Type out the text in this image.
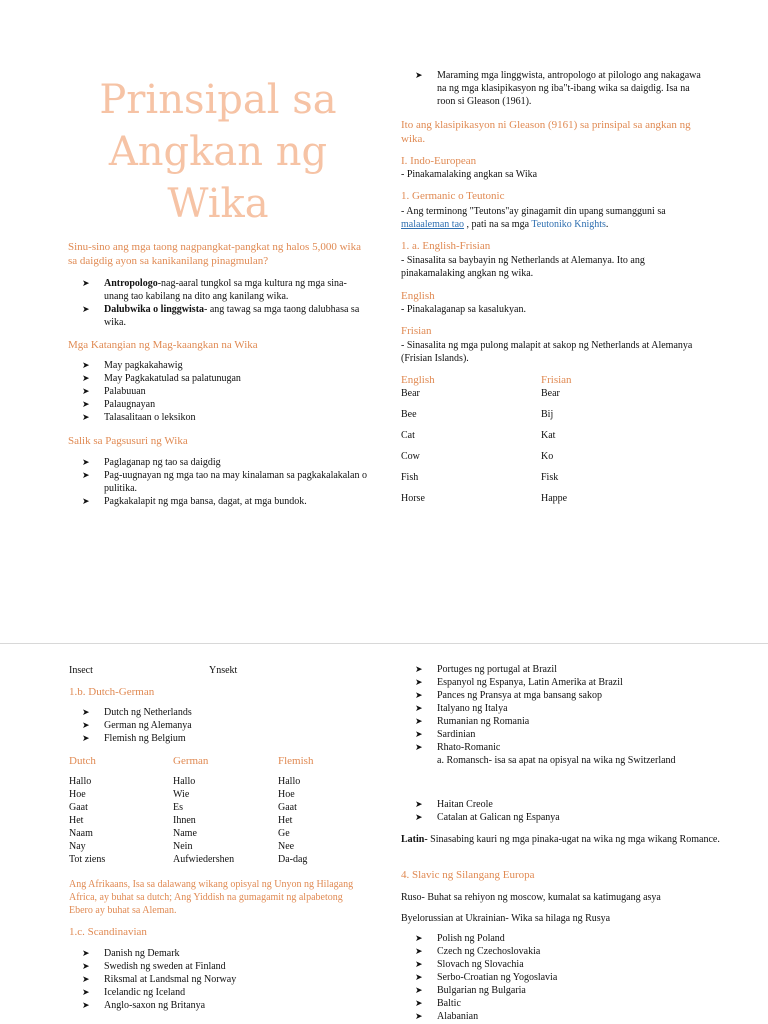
Prinsipal sa
Angkan ng
Wika
Sinu-sino ang mga taong nagpangkat-pangkat ng halos 5,000 wika sa daigdig ayon sa kanikanilang pinagmulan?
➤ Antropologo-nag-aaral tungkol sa mga kultura ng mga sina-unang tao kabilang na dito ang kanilang wika.
➤ Dalubwika o linggwista- ang tawag sa mga taong dalubhasa sa wika.
Mga Katangian ng Mag-kaangkan na Wika
➤ May pagkakahawig
➤ May Pagkakatulad sa palatunugan
➤ Palabuuan
➤ Palaugnayan
➤ Talasalitaan o leksikon
Salik sa Pagsusuri ng Wika
➤ Paglaganap ng tao sa daigdig
➤ Pag-uugnayan ng mga tao na may kinalaman sa pagkakalakalan o pulitika.
➤ Pagkakalapit ng mga bansa, dagat, at mga bundok.
➤ Maraming mga linggwista, antropologo at pilologo ang nakagawa na ng mga klasipikasyon ng iba"t-ibang wika sa daigdig. Isa na roon si Gleason (1961).
Ito ang klasipikasyon ni Gleason (9161) sa prinsipal sa angkan ng wika.
I. Indo-European
- Pinakamalaking angkan sa Wika
1. Germanic o Teutonic
- Ang terminong "Teutons"ay ginagamit din upang sumangguni sa
malaaleman tao , pati na sa mga Teutoniko Knights.
1. a. English-Frisian
- Sinasalita sa baybayin ng Netherlands at Alemanya. Ito ang pinakamalaking angkan ng wika.
English
- Pinakalaganap sa kasalukyan.
Frisian
- Sinasalita ng mga pulong malapit at sakop ng Netherlands at Alemanya (Frisian Islands).
English	Frisian
Bear	Bear
Bee	Bij
Cat	Kat
Cow	Ko
Fish	Fisk
Horse	Happe
Insect	Ynsekt
1.b. Dutch-German
➤ Dutch ng Netherlands
➤ German ng Alemanya
➤ Flemish ng Belgium
Dutch	German	Flemish
Hallo	Hallo	Hallo
Hoe	Wie	Hoe
Gaat	Es	Gaat
Het	Ihnen	Het
Naam	Name	Ge
Nay	Nein	Nee
Tot ziens	Aufwiedershen	Da-dag
Ang Afrikaans, Isa sa dalawang wikang opisyal ng Unyon ng Hilagang Africa, ay buhat sa dutch; Ang Yiddish na gumagamit ng alpabetong Ebero ay buhat sa Aleman.
1.c. Scandinavian
➤ Danish ng Demark
➤ Swedish ng sweden at Finland
➤ Riksmal at Landsmal ng Norway
➤ Icelandic ng Iceland
➤ Anglo-saxon ng Britanya
➤ Portuges ng portugal at Brazil
➤ Espanyol ng Espanya, Latin Amerika at Brazil
➤ Pances ng Pransya at mga bansang sakop
➤ Italyano ng Italya
➤ Rumanian ng Romania
➤ Sardinian
➤ Rhato-Romanic
a. Romansch- isa sa apat na opisyal na wika ng Switzerland
➤ Haitan Creole
➤ Catalan at Galican ng Espanya
Latin- Sinasabing kauri ng mga pinaka-ugat na wika ng mga wikang Romance.
4. Slavic ng Silangang Europa
Ruso- Buhat sa rehiyon ng moscow, kumalat sa katimugang asya
Byelorussian at Ukrainian- Wika sa hilaga ng Rusya
➤ Polish ng Poland
➤ Czech ng Czechoslovakia
➤ Slovach ng Slovachia
➤ Serbo-Croatian ng Yogoslavia
➤ Bulgarian ng Bulgaria
➤ Baltic
➤ Alabanian
